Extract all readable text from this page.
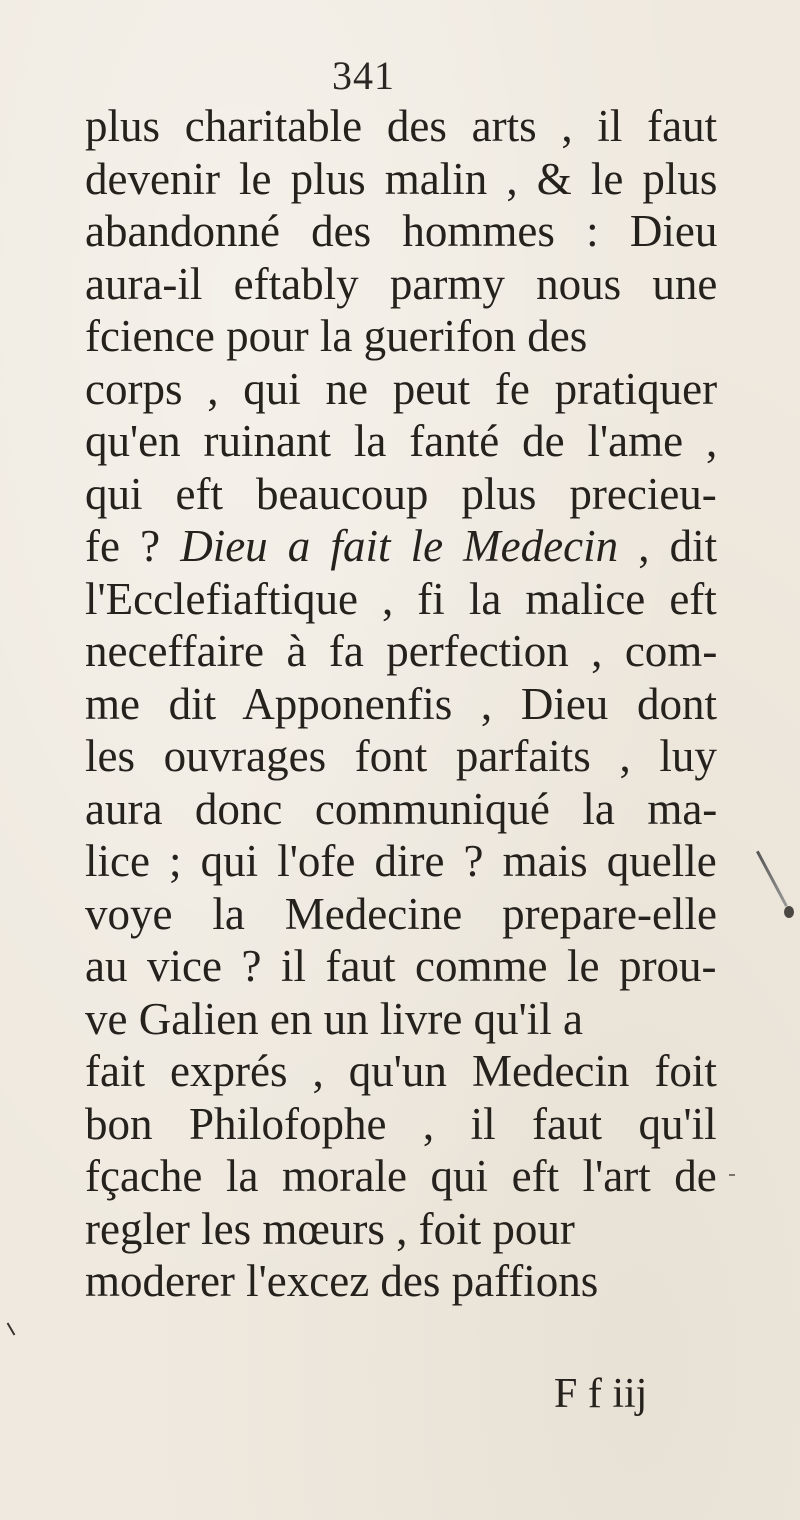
341
plus charitable des arts , il faut
devenir le plus malin , & le plus
abandonné des hommes : Dieu
aura-il eftably parmy nous une
fcience pour la guerifon des
corps , qui ne peut fe pratiquer
qu'en ruinant la fanté de l'ame ,
qui eft beaucoup plus precieu-
fe ? Dieu a fait le Medecin , dit
l'Ecclefiaftique , fi la malice eft
neceffaire à fa perfection , com-
me dit Apponenfis , Dieu dont
les ouvrages font parfaits , luy
aura donc communiqué la ma-
lice ; qui l'ofe dire ? mais quelle
voye la Medecine prepare-elle
au vice ? il faut comme le prou-
ve Galien en un livre qu'il a
fait exprés , qu'un Medecin foit
bon Philofophe , il faut qu'il
fçache la morale qui eft l'art de
regler les mœurs , foit pour
moderer l'excez des paffions
F f iij
